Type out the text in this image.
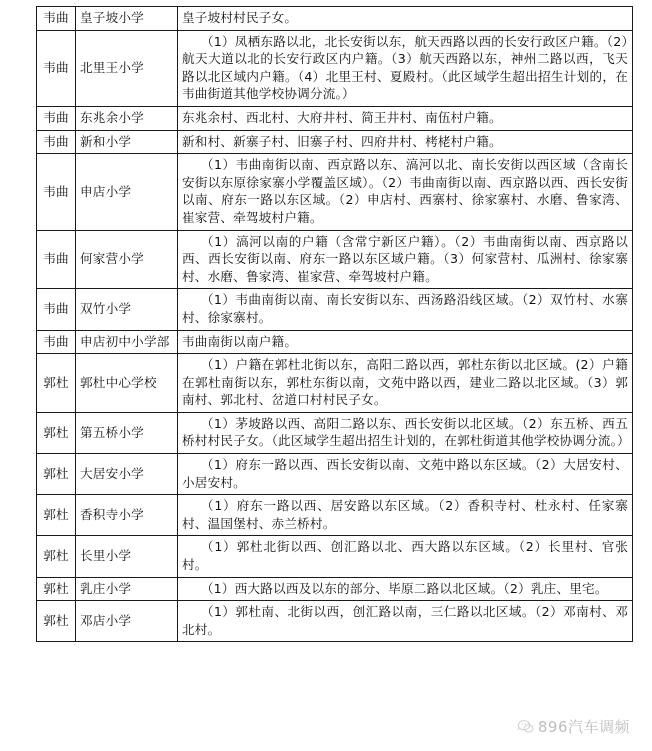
韦曲	皇子坡小学	皇子坡村村民子女。

韦曲	北里王小学	（1）凤栖东路以北，北长安街以东，航天西路以西的长安行政区户籍。（2）航天大道以北的长安行政区内户籍。（3）航天西路以东，神州二路以西，飞天路以北区域内户籍。（4）北里王村、夏殿村。（此区域学生超出招生计划的，在韦曲街道其他学校协调分流。）

韦曲	东兆余小学	东兆余村、西北村、大府井村、简王井村、南伍村户籍。

韦曲	新和小学	新和村、新寨子村、旧寨子村、四府井村、栲栳村户籍。

韦曲	申店小学	（1）韦曲南街以南、西京路以东、滈河以北、南长安街以西区域（含南长安街以东原徐家寨小学覆盖区域）。（2）韦曲南街以南、西京路以西、西长安街以南、府东一路以东区域。（2）申店村、西寨村、徐家寨村、水磨、鲁家湾、崔家营、牵驾坡村户籍。

韦曲	何家营小学	（1）滈河以南的户籍（含常宁新区户籍）。（2）韦曲南街以南、西京路以西、西长安街以南、府东一路以东区域户籍。（3）何家营村、瓜洲村、徐家寨村、水磨、鲁家湾、崔家营、牵驾坡村户籍。

韦曲	双竹小学	（1）韦曲南街以南、南长安街以东、西汤路沿线区域。（2）双竹村、水寨村、徐家寨村。

韦曲	申店初中小学部	韦曲南街以南户籍。

郭杜	郭杜中心学校	（1）户籍在郭杜北街以东，高阳二路以西，郭杜东街以北区域。(2）户籍在郭杜南街以东，郭杜东街以南，文苑中路以西，建业二路以北区域。（3）郭南村、郭北村、岔道口村村民子女。

郭杜	第五桥小学	（1）茅坡路以西、高阳二路以东、西长安街以北区域。（2）东五桥、西五桥村村民子女。（此区域学生超出招生计划的，在郭杜街道其他学校协调分流。）

郭杜	大居安小学	（1）府东一路以西、西长安街以南、文苑中路以东区域。（2）大居安村、小居安村。

郭杜	香积寺小学	（1）府东一路以西、居安路以东区域。（2）香积寺村、杜永村、任家寨村、温国堡村、赤兰桥村。

郭杜	长里小学	（1）郭杜北街以西、创汇路以北、西大路以东区域。（2）长里村、官张村。

郭杜	乳庄小学	（1）西大路以西及以东的部分、毕原二路以北区域。（2）乳庄、里宅。

郭杜	邓店小学	（1）郭杜南、北街以西，创汇路以南，三仁路以北区域。（2）邓南村、邓北村。
896汽车调频
